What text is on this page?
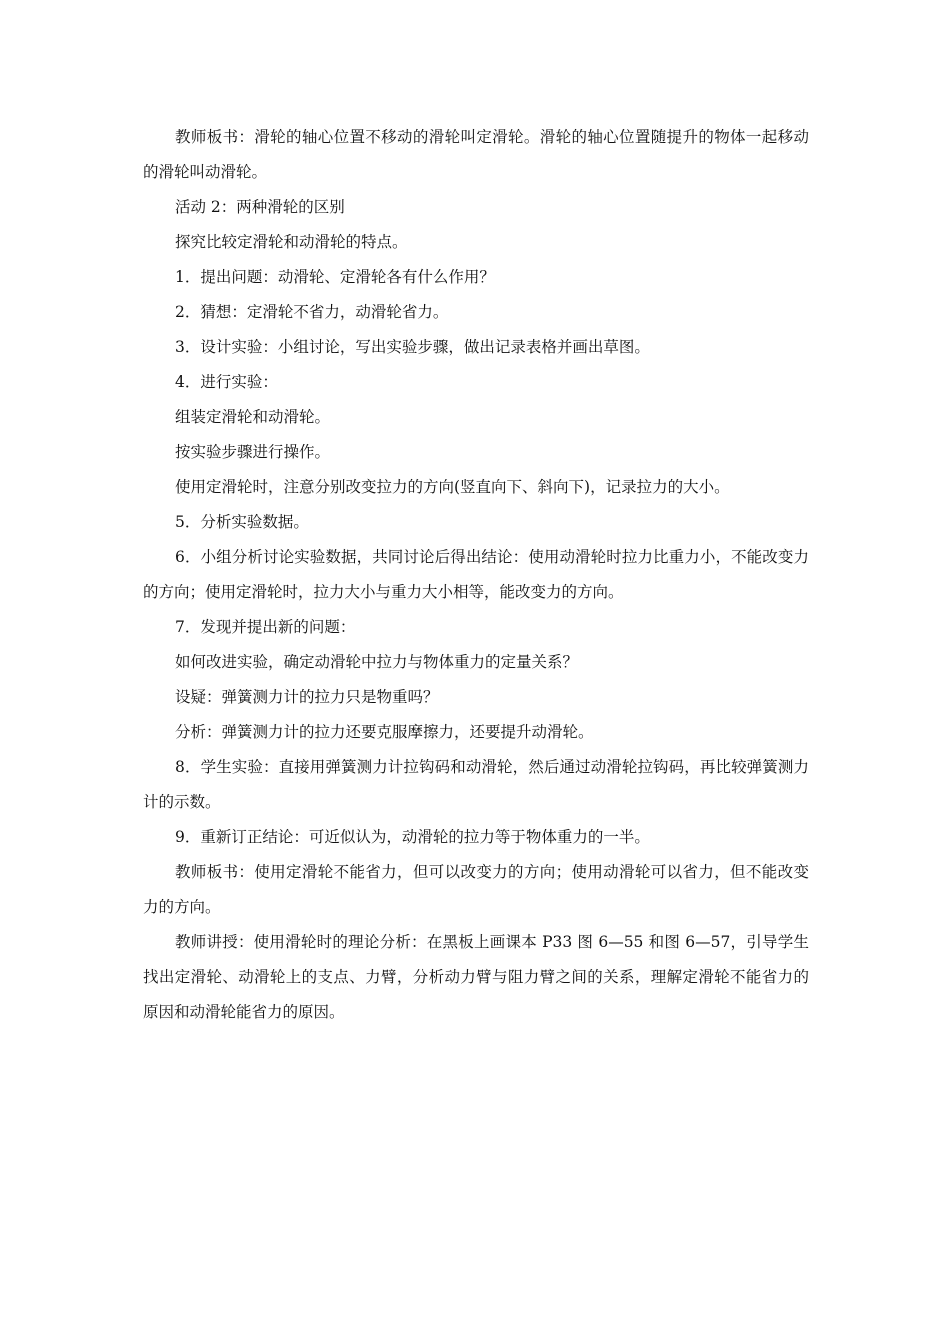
教师板书：滑轮的轴心位置不移动的滑轮叫定滑轮。滑轮的轴心位置随提升的物体一起移动的滑轮叫动滑轮。

活动 2：两种滑轮的区别

探究比较定滑轮和动滑轮的特点。

1．提出问题：动滑轮、定滑轮各有什么作用？

2．猜想：定滑轮不省力，动滑轮省力。

3．设计实验：小组讨论，写出实验步骤，做出记录表格并画出草图。

4．进行实验：

组装定滑轮和动滑轮。

按实验步骤进行操作。

使用定滑轮时，注意分别改变拉力的方向(竖直向下、斜向下)，记录拉力的大小。

5．分析实验数据。

6．小组分析讨论实验数据，共同讨论后得出结论：使用动滑轮时拉力比重力小，不能改变力的方向；使用定滑轮时，拉力大小与重力大小相等，能改变力的方向。

7．发现并提出新的问题：

如何改进实验，确定动滑轮中拉力与物体重力的定量关系？

设疑：弹簧测力计的拉力只是物重吗？

分析：弹簧测力计的拉力还要克服摩擦力，还要提升动滑轮。

8．学生实验：直接用弹簧测力计拉钩码和动滑轮，然后通过动滑轮拉钩码，再比较弹簧测力计的示数。

9．重新订正结论：可近似认为，动滑轮的拉力等于物体重力的一半。

教师板书：使用定滑轮不能省力，但可以改变力的方向；使用动滑轮可以省力，但不能改变力的方向。

教师讲授：使用滑轮时的理论分析：在黑板上画课本 P33 图 6—55 和图 6—57，引导学生找出定滑轮、动滑轮上的支点、力臂，分析动力臂与阻力臂之间的关系，理解定滑轮不能省力的原因和动滑轮能省力的原因。
